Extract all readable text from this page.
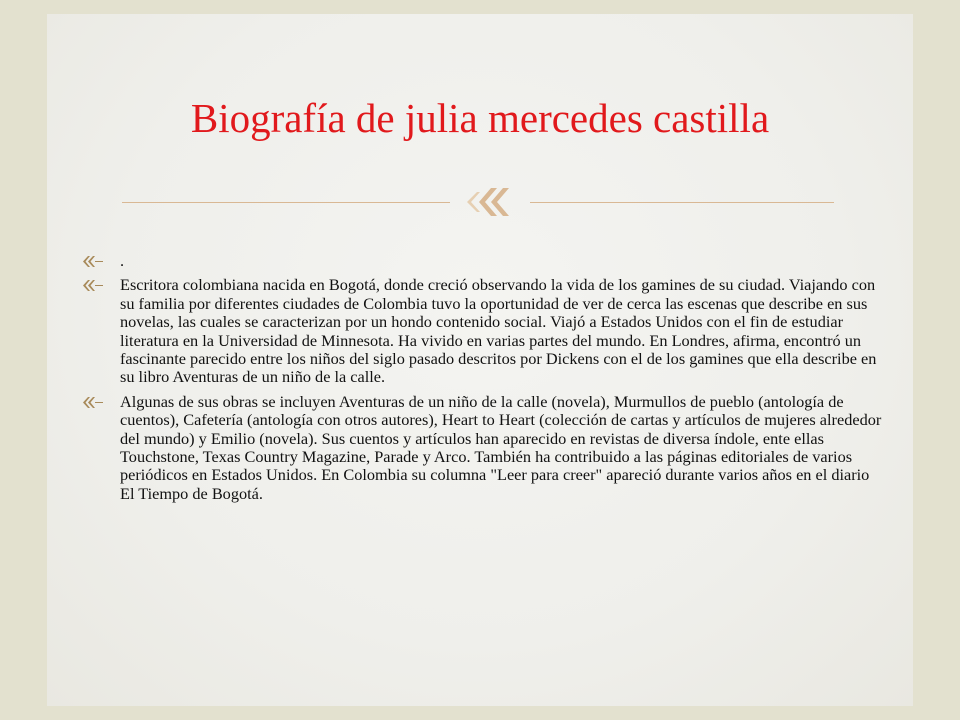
Biografía de julia mercedes castilla
.
Escritora colombiana nacida en Bogotá, donde creció observando la vida de los gamines de su ciudad. Viajando con su familia por diferentes ciudades de Colombia tuvo la oportunidad de ver de cerca las escenas que describe en sus novelas, las cuales se caracterizan por un hondo contenido social. Viajó a Estados Unidos con el fin de estudiar literatura en la Universidad de Minnesota. Ha vivido en varias partes del mundo. En Londres, afirma, encontró un fascinante parecido entre los niños del siglo pasado descritos por Dickens con el de los gamines que ella describe en su libro Aventuras de un niño de la calle.
Algunas de sus obras se incluyen Aventuras de un niño de la calle (novela), Murmullos de pueblo (antología de cuentos), Cafetería (antología con otros autores), Heart to Heart (colección de cartas y artículos de mujeres alrededor del mundo) y Emilio (novela). Sus cuentos y artículos han aparecido en revistas de diversa índole, ente ellas Touchstone, Texas Country Magazine, Parade y Arco. También ha contribuido a las páginas editoriales de varios periódicos en Estados Unidos. En Colombia su columna "Leer para creer" apareció durante varios años en el diario El Tiempo de Bogotá.
